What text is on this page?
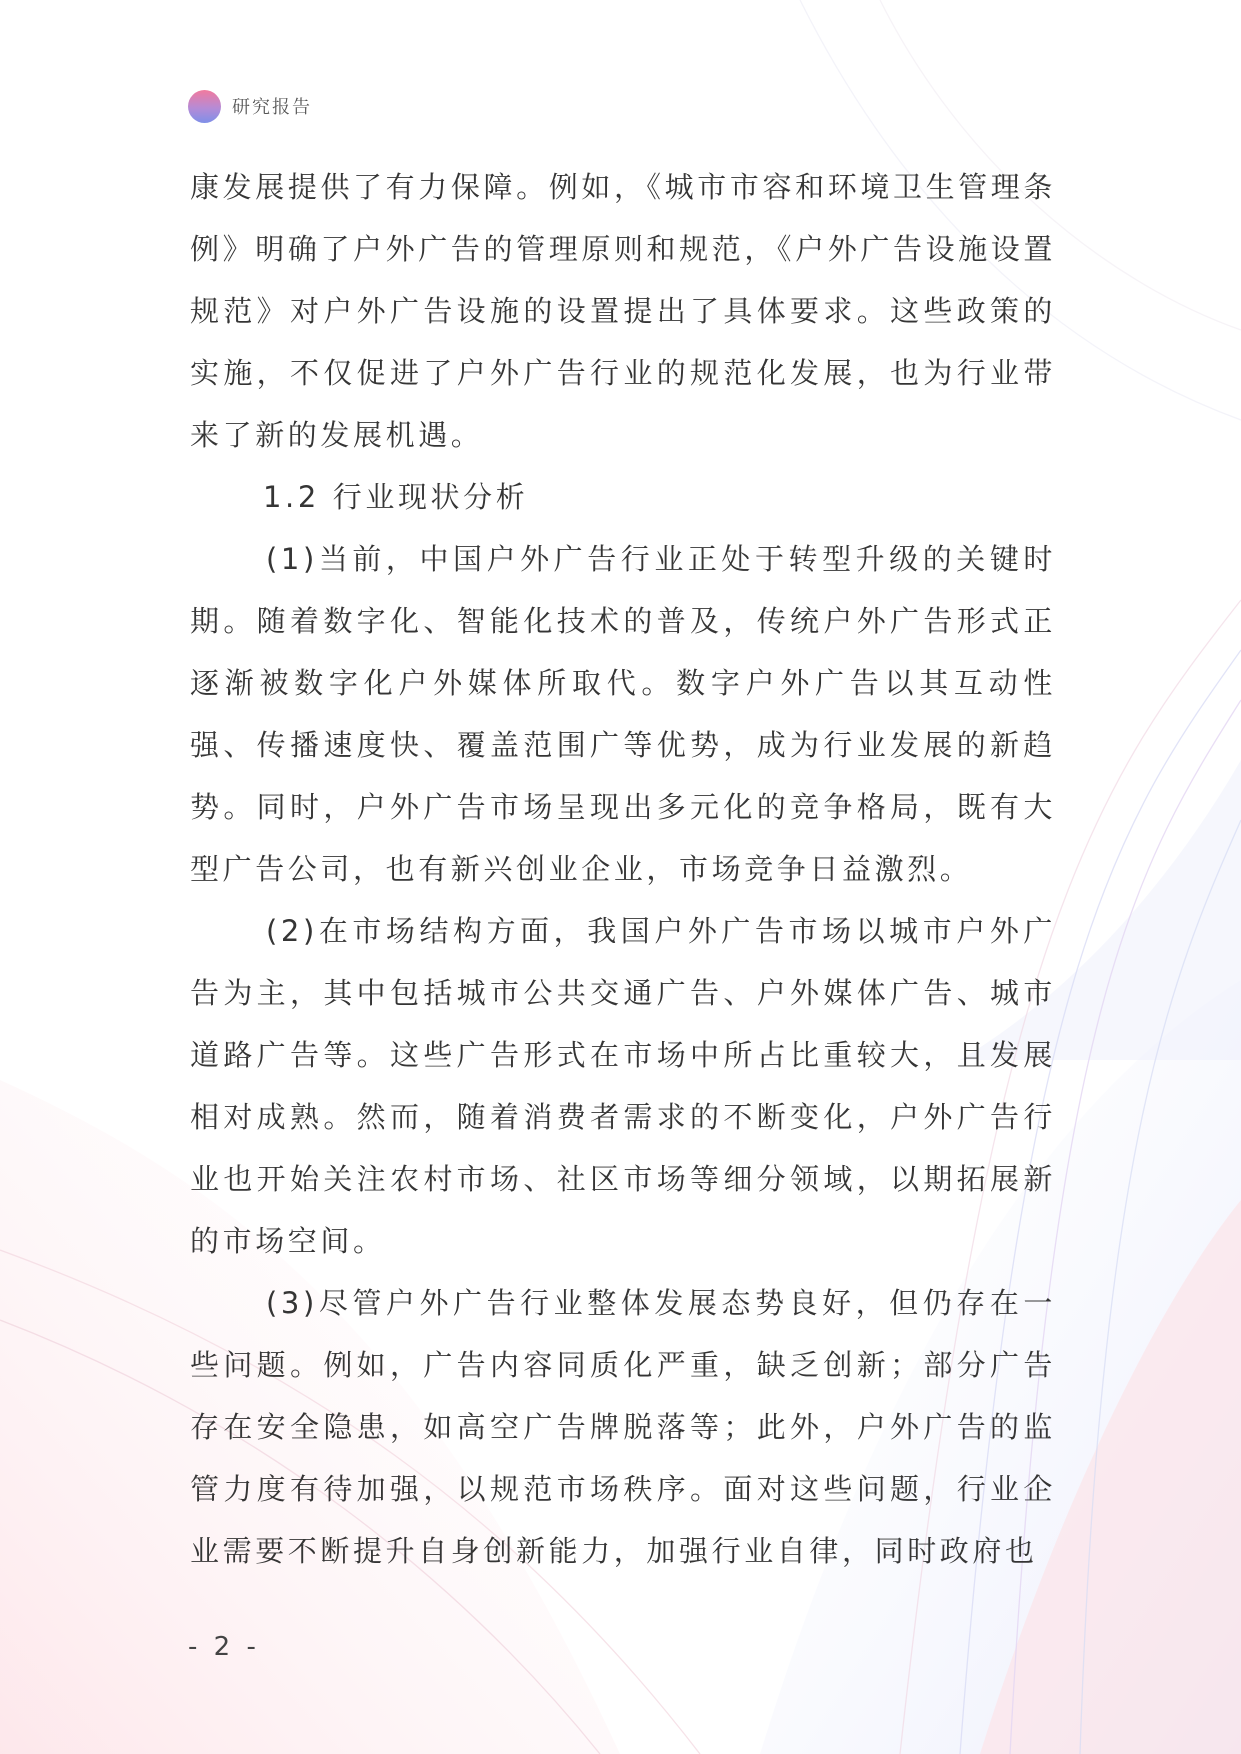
研究报告

康发展提供了有力保障。例如，《城市市容和环境卫生管理条例》明确了户外广告的管理原则和规范，《户外广告设施设置规范》对户外广告设施的设置提出了具体要求。这些政策的实施，不仅促进了户外广告行业的规范化发展，也为行业带来了新的发展机遇。

1.2 行业现状分析

(1)当前，中国户外广告行业正处于转型升级的关键时期。随着数字化、智能化技术的普及，传统户外广告形式正逐渐被数字化户外媒体所取代。数字户外广告以其互动性强、传播速度快、覆盖范围广等优势，成为行业发展的新趋势。同时，户外广告市场呈现出多元化的竞争格局，既有大型广告公司，也有新兴创业企业，市场竞争日益激烈。

(2)在市场结构方面，我国户外广告市场以城市户外广告为主，其中包括城市公共交通广告、户外媒体广告、城市道路广告等。这些广告形式在市场中所占比重较大，且发展相对成熟。然而，随着消费者需求的不断变化，户外广告行业也开始关注农村市场、社区市场等细分领域，以期拓展新的市场空间。

(3)尽管户外广告行业整体发展态势良好，但仍存在一些问题。例如，广告内容同质化严重，缺乏创新；部分广告存在安全隐患，如高空广告牌脱落等；此外，户外广告的监管力度有待加强，以规范市场秩序。面对这些问题，行业企业需要不断提升自身创新能力，加强行业自律，同时政府也

- 2 -
